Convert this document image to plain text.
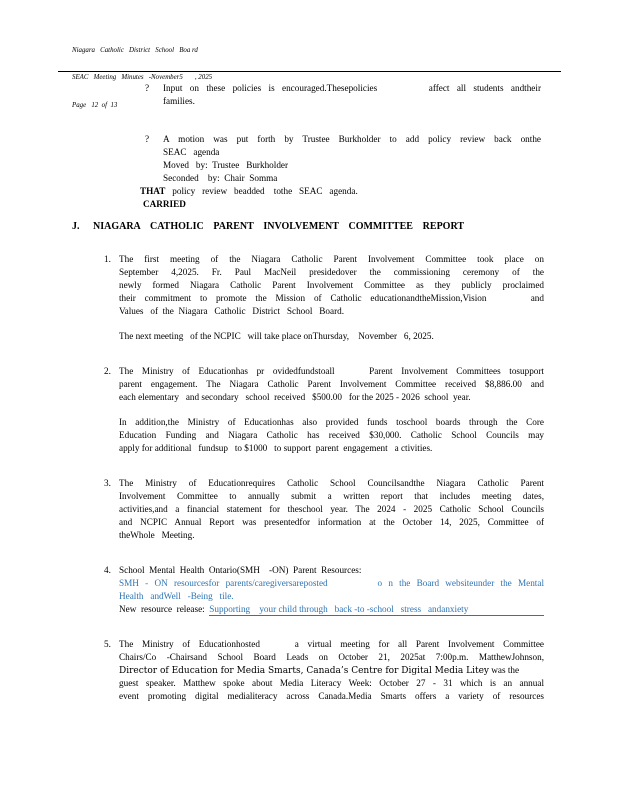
Niagara   Catholic   District   School   Boa rd

SEAC   Meeting   Minutes   -November5       , 2025

Page   12  of  13

?	Input on these policies is encouraged.Thesepolicies       affect all students andtheir
families.
?	A motion was put forth by Trustee Burkholder to add policy review back onthe
SEAC   agenda
Moved   by:  Trustee   Burkholder
Seconded    by:  Chair  Somma
THAT   policy   review   beadded    tothe   SEAC   agenda.
CARRIED
J.	NIAGARA CATHOLIC PARENT INVOLVEMENT COMMITTEE REPORT
1. The first meeting of the Niagara Catholic Parent Involvement Committee took place on
September 4,2025. Fr. Paul MacNeil presidedover the commissioning ceremony of the
newly formed Niagara Catholic Parent Involvement Committee as they publicly proclaimed
their commitment to promote the Mission of Catholic educationandtheMission,Vision     and
Values   of  the  Niagara   Catholic   District   School   Board.
The next meeting   of the NCPIC   will take place onThursday,    November   6, 2025.
2. The Ministry of Educationhas pr ovidedfundstoall    Parent Involvement Committees tosupport
parent engagement. The Niagara Catholic Parent Involvement Committee received $8,886.00 and
each elementary   and secondary   school  received   $500.00   for the 2025 - 2026  school  year.
In addition,the Ministry of Educationhas also provided funds toschool boards through the Core
Education Funding and Niagara Catholic has received $30,000. Catholic School Councils may
apply for additional   fundsup   to $1000   to support  parent  engagement   a ctivities.
3. The Ministry of Educationrequires Catholic School Councilsandthe Niagara Catholic Parent
Involvement Committee to annually submit a written report that includes meeting dates,
activities,and a financial statement for theschool year. The 2024 - 2025 Catholic School Councils
and NCPIC Annual Report was presentedfor information at the October 14, 2025, Committee of
theWhole   Meeting.
4. School  Mental  Health  Ontario(SMH    -ON)  Parent  Resources:
SMH - ON resourcesfor parents/caregiversareposted        o n the Board websiteunder the Mental
Health   andWell   -Being   tile.
New  resource  release: Supporting    your child through   back -to -school   stress   andanxiety
5. The Ministry of Educationhosted    a virtual meeting for all Parent Involvement Committee
Chairs/Co -Chairsand School Board Leads on October 21, 2025at 7:00p.m. MatthewJohnson,
Director of Education for Media Smarts, Canada’s Centre for Digital Media Litey was the
guest speaker. Matthew spoke about Media Literacy Week: October 27 - 31 which is an annual
event promoting digital medialiteracy across Canada.Media Smarts offers a variety of resources
